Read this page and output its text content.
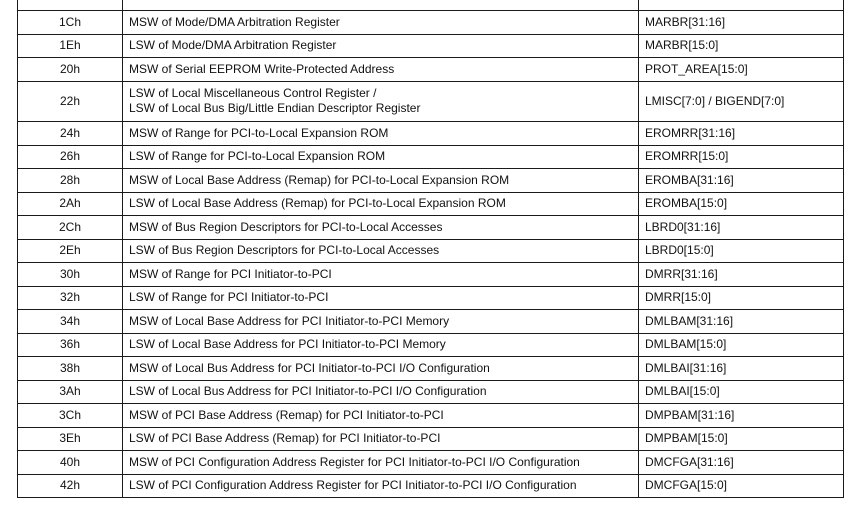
1Ch	MSW of Mode/DMA Arbitration Register	MARBR[31:16]
1Eh	LSW of Mode/DMA Arbitration Register	MARBR[15:0]
20h	MSW of Serial EEPROM Write-Protected Address	PROT_AREA[15:0]
22h	LSW of Local Miscellaneous Control Register /
LSW of Local Bus Big/Little Endian Descriptor Register	LMISC[7:0] / BIGEND[7:0]
24h	MSW of Range for PCI-to-Local Expansion ROM	EROMRR[31:16]
26h	LSW of Range for PCI-to-Local Expansion ROM	EROMRR[15:0]
28h	MSW of Local Base Address (Remap) for PCI-to-Local Expansion ROM	EROMBA[31:16]
2Ah	LSW of Local Base Address (Remap) for PCI-to-Local Expansion ROM	EROMBA[15:0]
2Ch	MSW of Bus Region Descriptors for PCI-to-Local Accesses	LBRD0[31:16]
2Eh	LSW of Bus Region Descriptors for PCI-to-Local Accesses	LBRD0[15:0]
30h	MSW of Range for PCI Initiator-to-PCI	DMRR[31:16]
32h	LSW of Range for PCI Initiator-to-PCI	DMRR[15:0]
34h	MSW of Local Base Address for PCI Initiator-to-PCI Memory	DMLBAM[31:16]
36h	LSW of Local Base Address for PCI Initiator-to-PCI Memory	DMLBAM[15:0]
38h	MSW of Local Bus Address for PCI Initiator-to-PCI I/O Configuration	DMLBAI[31:16]
3Ah	LSW of Local Bus Address for PCI Initiator-to-PCI I/O Configuration	DMLBAI[15:0]
3Ch	MSW of PCI Base Address (Remap) for PCI Initiator-to-PCI	DMPBAM[31:16]
3Eh	LSW of PCI Base Address (Remap) for PCI Initiator-to-PCI	DMPBAM[15:0]
40h	MSW of PCI Configuration Address Register for PCI Initiator-to-PCI I/O Configuration	DMCFGA[31:16]
42h	LSW of PCI Configuration Address Register for PCI Initiator-to-PCI I/O Configuration	DMCFGA[15:0]
